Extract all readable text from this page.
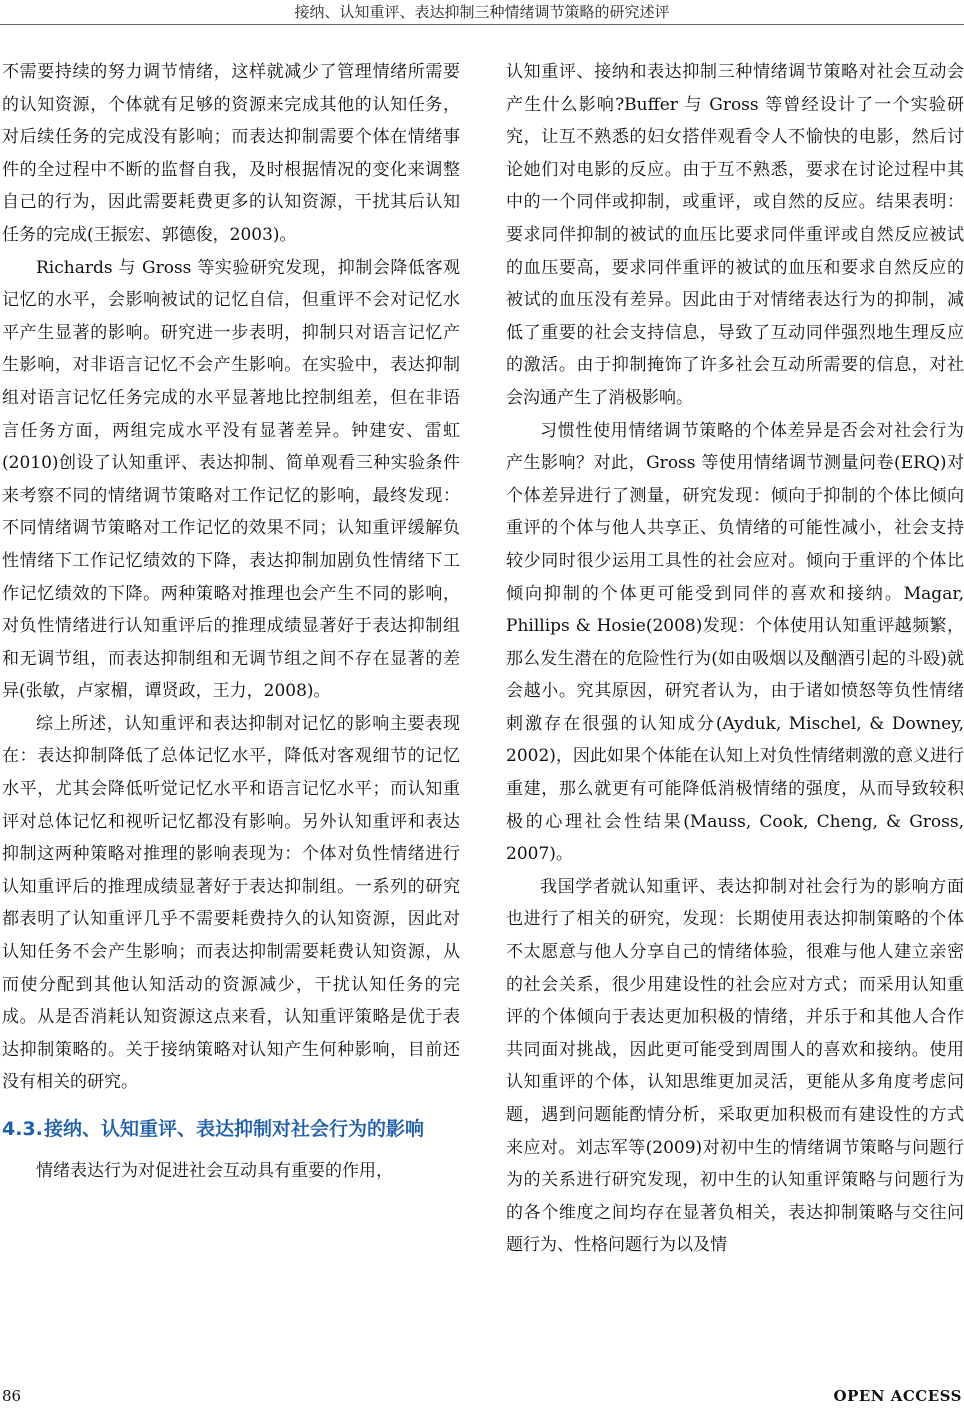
接纳、认知重评、表达抑制三种情绪调节策略的研究述评

不需要持续的努力调节情绪，这样就减少了管理情绪所需要的认知资源，个体就有足够的资源来完成其他的认知任务，对后续任务的完成没有影响；而表达抑制需要个体在情绪事件的全过程中不断的监督自我，及时根据情况的变化来调整自己的行为，因此需要耗费更多的认知资源，干扰其后认知任务的完成(王振宏、郭德俊，2003)。

Richards 与 Gross 等实验研究发现，抑制会降低客观记忆的水平，会影响被试的记忆自信，但重评不会对记忆水平产生显著的影响。研究进一步表明，抑制只对语言记忆产生影响，对非语言记忆不会产生影响。在实验中，表达抑制组对语言记忆任务完成的水平显著地比控制组差，但在非语言任务方面，两组完成水平没有显著差异。钟建安、雷虹(2010)创设了认知重评、表达抑制、简单观看三种实验条件来考察不同的情绪调节策略对工作记忆的影响，最终发现：不同情绪调节策略对工作记忆的效果不同；认知重评缓解负性情绪下工作记忆绩效的下降，表达抑制加剧负性情绪下工作记忆绩效的下降。两种策略对推理也会产生不同的影响，对负性情绪进行认知重评后的推理成绩显著好于表达抑制组和无调节组，而表达抑制组和无调节组之间不存在显著的差异(张敏，卢家楣，谭贤政，王力，2008)。

综上所述，认知重评和表达抑制对记忆的影响主要表现在：表达抑制降低了总体记忆水平，降低对客观细节的记忆水平，尤其会降低听觉记忆水平和语言记忆水平；而认知重评对总体记忆和视听记忆都没有影响。另外认知重评和表达抑制这两种策略对推理的影响表现为：个体对负性情绪进行认知重评后的推理成绩显著好于表达抑制组。一系列的研究都表明了认知重评几乎不需要耗费持久的认知资源，因此对认知任务不会产生影响；而表达抑制需要耗费认知资源，从而使分配到其他认知活动的资源减少，干扰认知任务的完成。从是否消耗认知资源这点来看，认知重评策略是优于表达抑制策略的。关于接纳策略对认知产生何种影响，目前还没有相关的研究。

4.3.接纳、认知重评、表达抑制对社会行为的影响

情绪表达行为对促进社会互动具有重要的作用，

认知重评、接纳和表达抑制三种情绪调节策略对社会互动会产生什么影响?Buffer 与 Gross 等曾经设计了一个实验研究，让互不熟悉的妇女搭伴观看令人不愉快的电影，然后讨论她们对电影的反应。由于互不熟悉，要求在讨论过程中其中的一个同伴或抑制，或重评，或自然的反应。结果表明：要求同伴抑制的被试的血压比要求同伴重评或自然反应被试的血压要高，要求同伴重评的被试的血压和要求自然反应的被试的血压没有差异。因此由于对情绪表达行为的抑制，减低了重要的社会支持信息，导致了互动同伴强烈地生理反应的激活。由于抑制掩饰了许多社会互动所需要的信息，对社会沟通产生了消极影响。

习惯性使用情绪调节策略的个体差异是否会对社会行为产生影响？对此，Gross 等使用情绪调节测量问卷(ERQ)对个体差异进行了测量，研究发现：倾向于抑制的个体比倾向重评的个体与他人共享正、负情绪的可能性减小，社会支持较少同时很少运用工具性的社会应对。倾向于重评的个体比倾向抑制的个体更可能受到同伴的喜欢和接纳。Magar, Phillips & Hosie(2008)发现：个体使用认知重评越频繁，那么发生潜在的危险性行为(如由吸烟以及酗酒引起的斗殴)就会越小。究其原因，研究者认为，由于诸如愤怒等负性情绪刺激存在很强的认知成分(Ayduk, Mischel, & Downey, 2002)，因此如果个体能在认知上对负性情绪刺激的意义进行重建，那么就更有可能降低消极情绪的强度，从而导致较积极的心理社会性结果(Mauss, Cook, Cheng, & Gross, 2007)。

我国学者就认知重评、表达抑制对社会行为的影响方面也进行了相关的研究，发现：长期使用表达抑制策略的个体不太愿意与他人分享自己的情绪体验，很难与他人建立亲密的社会关系，很少用建设性的社会应对方式；而采用认知重评的个体倾向于表达更加积极的情绪，并乐于和其他人合作共同面对挑战，因此更可能受到周围人的喜欢和接纳。使用认知重评的个体，认知思维更加灵活，更能从多角度考虑问题，遇到问题能酌情分析，采取更加积极而有建设性的方式来应对。刘志军等(2009)对初中生的情绪调节策略与问题行为的关系进行研究发现，初中生的认知重评策略与问题行为的各个维度之间均存在显著负相关，表达抑制策略与交往问题行为、性格问题行为以及情

86	OPEN ACCESS
